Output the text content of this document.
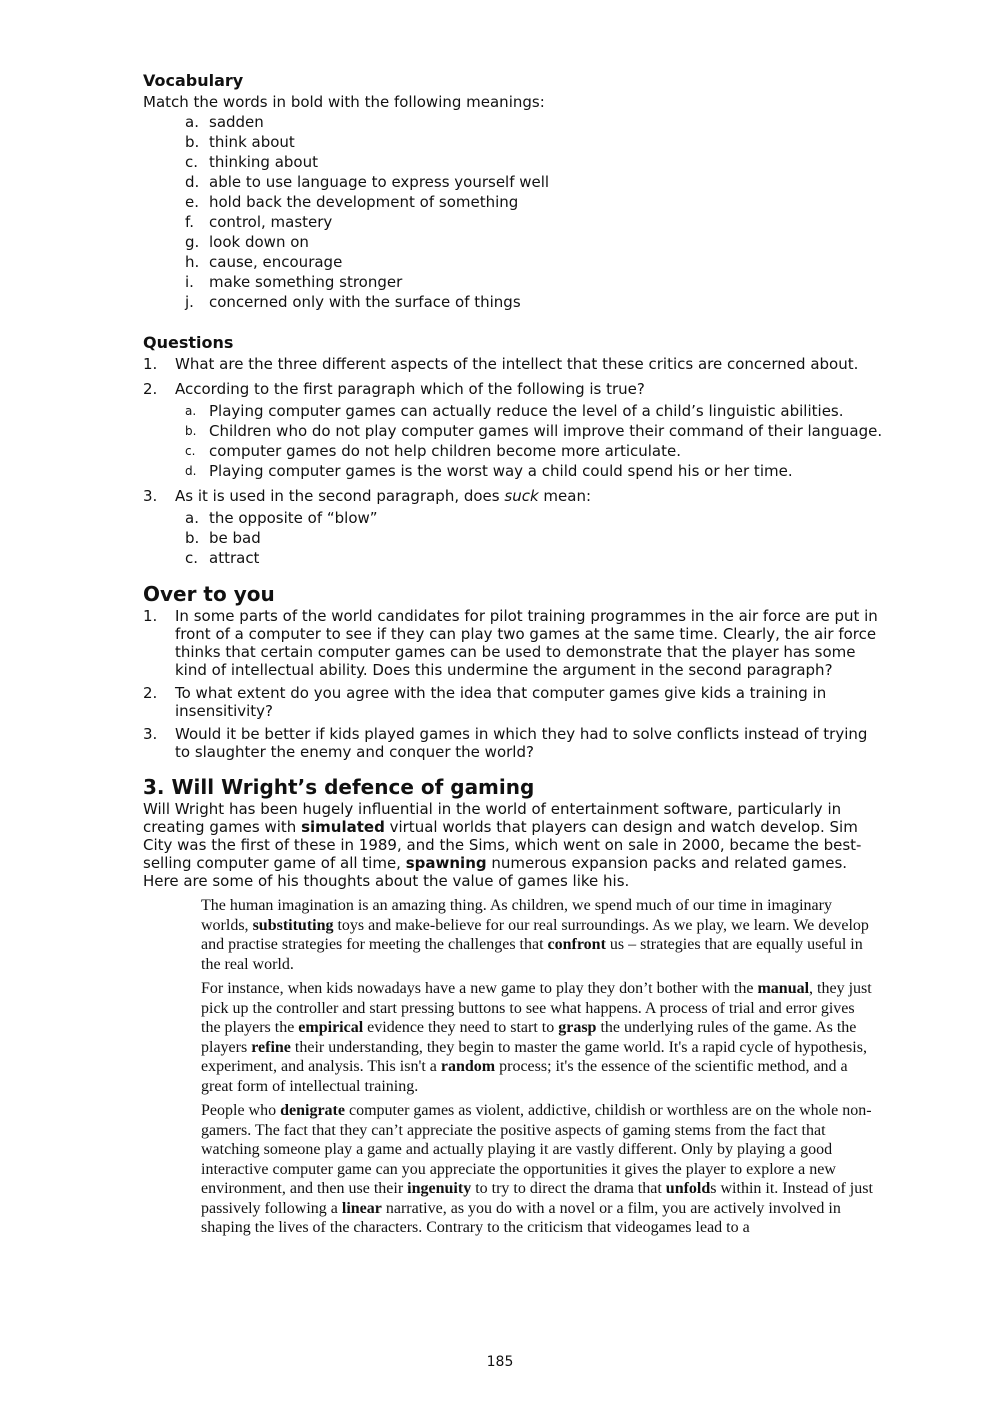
Vocabulary

Match the words in bold with the following meanings:

a. sadden
b. think about
c. thinking about
d. able to use language to express yourself well
e. hold back the development of something
f.	control, mastery
g. look down on
h. cause, encourage
i.	make something stronger
j.	concerned only with the surface of things
Questions
1. What are the three different aspects of the intellect that these critics are concerned about.
2. According to the first paragraph which of the following is true?
a. Playing computer games can actually reduce the level of a child’s linguistic abilities.
b. Children who do not play computer games will improve their command of their language.
c. computer games do not help children become more articulate.
d. Playing computer games is the worst way a child could spend his or her time.
3. As it is used in the second paragraph, does suck mean:
a. the opposite of “blow”
b. be bad
c. attract
Over to you
1. In some parts of the world candidates for pilot training programmes in the air force are put in front of a computer to see if they can play two games at the same time. Clearly, the air force thinks that certain computer games can be used to demonstrate that the player has some kind of intellectual ability. Does this undermine the argument in the second paragraph?
2. To what extent do you agree with the idea that computer games give kids a training in insensitivity?
3. Would it be better if kids played games in which they had to solve conflicts instead of trying to slaughter the enemy and conquer the world?
3. Will Wright’s defence of gaming

Will Wright has been hugely influential in the world of entertainment software, particularly in creating games with simulated virtual worlds that players can design and watch develop. Sim City was the first of these in 1989, and the Sims, which went on sale in 2000, became the best-selling computer game of all time, spawning numerous expansion packs and related games. Here are some of his thoughts about the value of games like his.

The human imagination is an amazing thing. As children, we spend much of our time in imaginary worlds, substituting toys and make-believe for our real surroundings. As we play, we learn. We develop and practise strategies for meeting the challenges that confront us – strategies that are equally useful in the real world.

For instance, when kids nowadays have a new game to play they don’t bother with the manual, they just pick up the controller and start pressing buttons to see what happens. A process of trial and error gives the players the empirical evidence they need to start to grasp the underlying rules of the game. As the players refine their understanding, they begin to master the game world. It's a rapid cycle of hypothesis, experiment, and analysis. This isn't a random process; it's the essence of the scientific method, and a great form of intellectual training.

People who denigrate computer games as violent, addictive, childish or worthless are on the whole non-gamers. The fact that they can’t appreciate the positive aspects of gaming stems from the fact that watching someone play a game and actually playing it are vastly different. Only by playing a good interactive computer game can you appreciate the opportunities it gives the player to explore a new environment, and then use their ingenuity to try to direct the drama that unfolds within it. Instead of just passively following a linear narrative, as you do with a novel or a film, you are actively involved in shaping the lives of the characters. Contrary to the criticism that videogames lead to a

185
